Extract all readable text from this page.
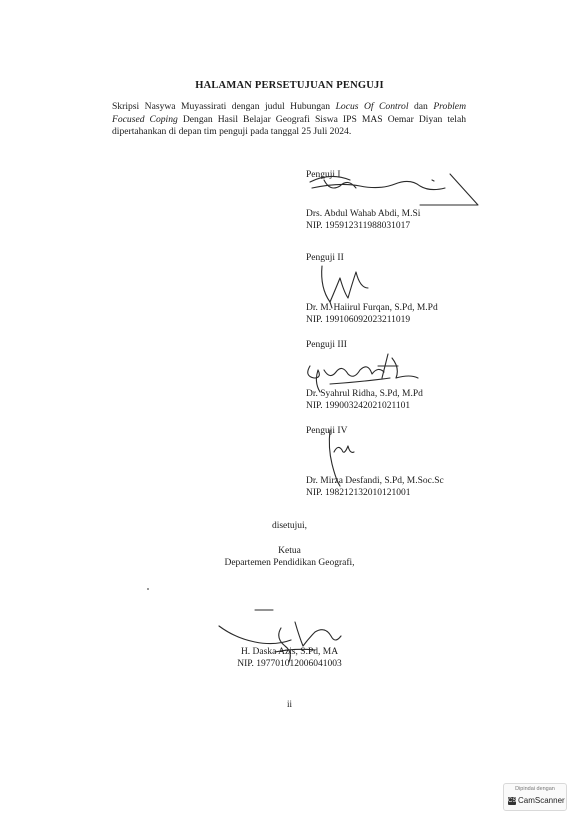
HALAMAN PERSETUJUAN PENGUJI
Skripsi Nasywa Muyassirati dengan judul Hubungan Locus Of Control dan Problem Focused Coping Dengan Hasil Belajar Geografi Siswa IPS MAS Oemar Diyan telah dipertahankan di depan tim penguji pada tanggal 25 Juli 2024.
Penguji I
Drs. Abdul Wahab Abdi, M.Si
NIP. 195912311988031017
Penguji II
Dr. M. Haiirul Furqan, S.Pd, M.Pd
NIP. 199106092023211019
Penguji III
Dr. Syahrul Ridha, S.Pd, M.Pd
NIP. 199003242021021101
Penguji IV
Dr. Mirza Desfandi, S.Pd, M.Soc.Sc
NIP. 198212132010121001
disetujui,
Ketua
Departemen Pendidikan Geografi,
H. Daska Azis, S.Pd, MA
NIP. 197701012006041003
ii
Dipindai dengan
CS CamScanner
